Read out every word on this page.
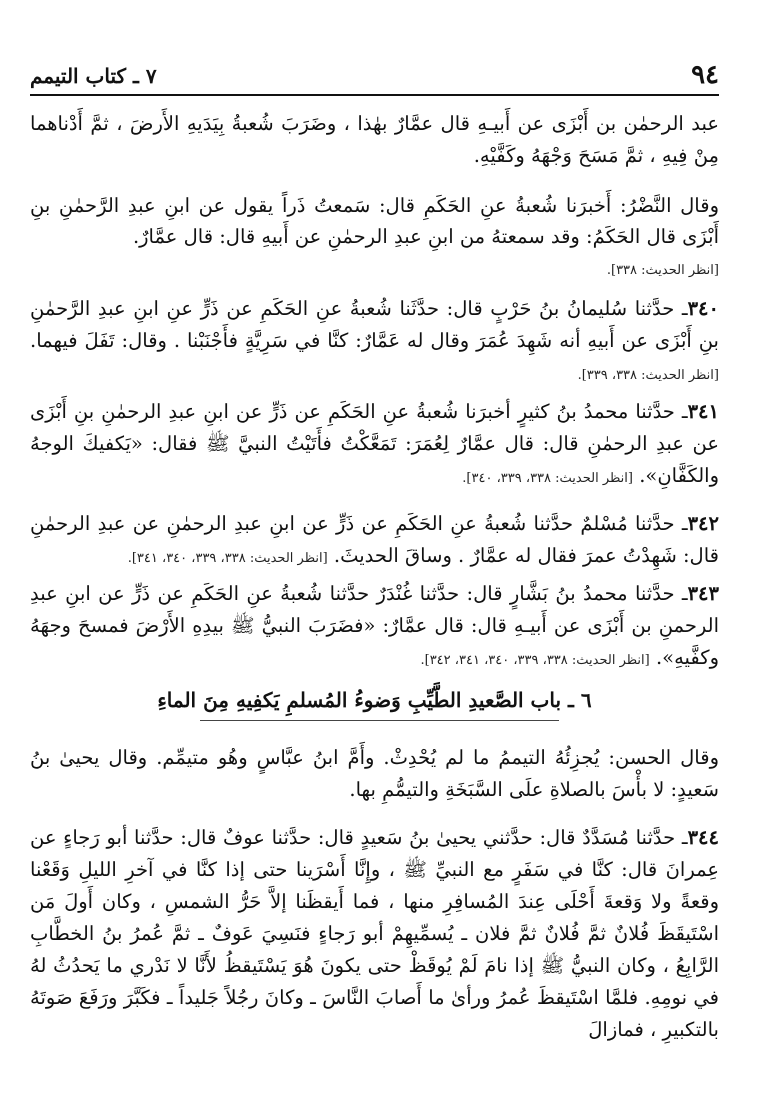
٩٤
٧ ـ كتاب التيمم

عبد الرحمٰن بن أَبْزَى عن أَبيـهِ قال عمَّارٌ بهٰذا ، وضَرَبَ شُعبةُ بِيَدَيهِ الأَرضَ ، ثمَّ أَدْناهما مِنْ فِيهِ ، ثمَّ مَسَحَ وَجْهَهُ وكَفَّيْهِ.

وقال النَّضْرُ: أَخبرَنا شُعبةُ عنِ الحَكَمِ قال: سَمعتُ ذَراً يقول عن ابنِ عبدِ الرَّحمٰنِ بنِ أَبْزَى قال الحَكَمُ: وقد سمعتهُ من ابنِ عبدِ الرحمٰنِ عن أَبيهِ قال: قال عمَّارٌ.
[انظر الحديث: ٣٣٨].

٣٤٠ـ حدَّثنا سُليمانُ بنُ حَرْبٍ قال: حدَّثَنا شُعبةُ عنِ الحَكَمِ عن ذَرٍّ عنِ ابنِ عبدِ الرَّحمٰنِ بنِ أَبْزَى عن أَبيهِ أنه شَهِدَ عُمَرَ وقال له عَمَّارٌ: كنَّا في سَرِيَّةٍ فأَجْنَبْنا . وقال: تَفَلَ فيهما. [انظر الحديث: ٣٣٨، ٣٣٩].

٣٤١ـ حدَّثنا محمدُ بنُ كثيرٍ أخبرَنا شُعبةُ عنِ الحَكَمِ عن ذَرٍّ عن ابنِ عبدِ الرحمٰنِ بنِ أَبْزَى عن عبدِ الرحمٰنِ قال: قال عمَّارٌ لِعُمَرَ: تَمَعَّكْتُ فأَتَيْتُ النبيَّ ﷺ فقال: «يَكفيكَ الوجهُ والكَفَّانِ». [انظر الحديث: ٣٣٨، ٣٣٩، ٣٤٠].

٣٤٢ـ حدَّثنا مُسْلمٌ حدَّثنا شُعبةُ عنِ الحَكَمِ عن ذَرٍّ عن ابنِ عبدِ الرحمٰنِ عن عبدِ الرحمٰنِ قال: شَهِدْتُ عمرَ فقال له عمَّارٌ . وساقَ الحديثَ. [انظر الحديث: ٣٣٨، ٣٣٩، ٣٤٠، ٣٤١].

٣٤٣ـ حدَّثنا محمدُ بنُ بَشَّارٍ قال: حدَّثنا غُنْدَرٌ حدَّثنا شُعبةُ عنِ الحَكَمِ عن ذَرٍّ عن ابنِ عبدِ الرحمنِ بن أَبْزَى عن أَبيـهِ قال: قال عمَّارٌ: «فضَرَبَ النبيُّ ﷺ بيدِهِ الأَرْضَ فمسحَ وجهَهُ وكفَّيهِ». [انظر الحديث: ٣٣٨، ٣٣٩، ٣٤٠، ٣٤١، ٣٤٢].

٦ ـ باب الصَّعيدِ الطَّيِّبِ وَضوءُ المُسلمِ يَكفِيهِ مِنَ الماءِ

وقال الحسن: يُجزِئُهُ التيممُ ما لم يُحْدِثْ. وأَمَّ ابنُ عبَّاسٍ وهُو متيمِّم. وقال يحيىٰ بنُ سَعيدٍ: لا بأْسَ بالصلاةِ علَى السَّبَخَةِ والتيمُّمِ بها.

٣٤٤ـ حدَّثنا مُسَدَّدٌ قال: حدَّثني يحيىٰ بنُ سَعيدٍ قال: حدَّثنا عوفٌ قال: حدَّثنا أبو رَجاءٍ عن عِمرانَ قال: كنَّا في سَفَرٍ مع النبيِّ ﷺ ، وإِنَّا أَسْرَينا حتى إذا كنَّا في آخرِ الليلِ وَقَعْنا وقعةً ولا وَقعةَ أَحْلَى عِندَ المُسافِرِ منها ، فما أَيقظَنا إلاَّ حَرُّ الشمسِ ، وكان أَولَ مَن اسْتَيقَظَ فُلانٌ ثمَّ فُلانٌ ثمَّ فلان ـ يُسمِّيهِمْ أبو رَجاءٍ فنَسِيَ عَوفٌ ـ ثمَّ عُمرُ بنُ الخطَّابِ الرَّابِعُ ، وكان النبيُّ ﷺ إذا نامَ لَمْ يُوقَظْ حتى يكونَ هُوَ يَسْتَيقظُ لأَنَّا لا نَدْري ما يَحدُثُ لهُ في نومِهِ. فلمَّا اسْتَيقظَ عُمرُ ورأىٰ ما أَصابَ النَّاسَ ـ وكانَ رجُلاً جَليداً ـ فكَبَّرَ ورَفَعَ صَوتَهُ بالتكبيرِ ، فمازالَ
